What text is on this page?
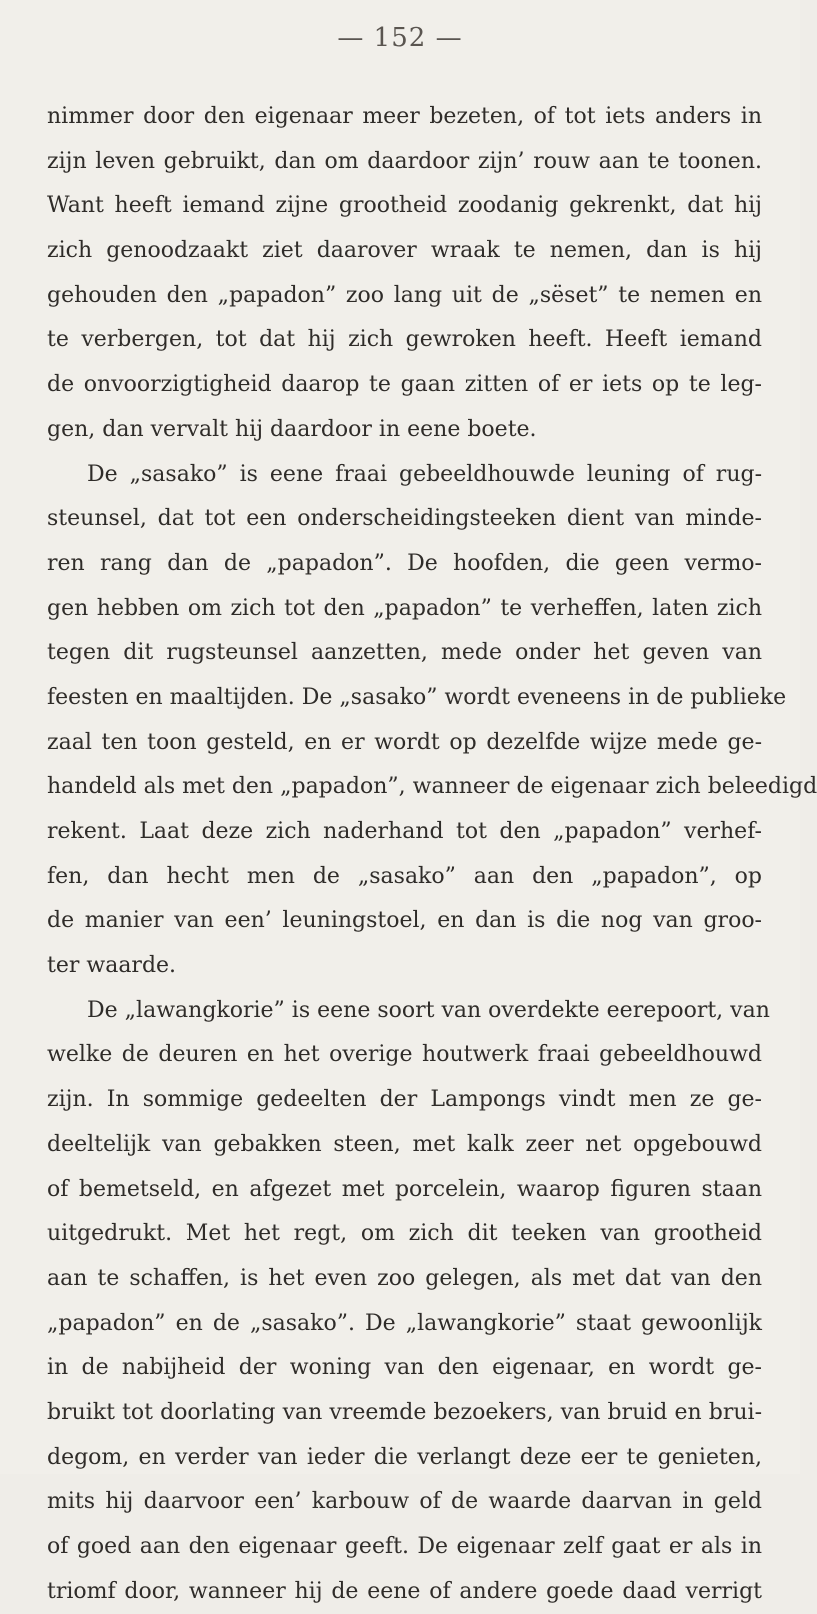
— 152 —
nimmer door den eigenaar meer bezeten, of tot iets anders in
zijn leven gebruikt, dan om daardoor zijn’ rouw aan te toonen.
Want heeft iemand zijne grootheid zoodanig gekrenkt, dat hij
zich genoodzaakt ziet daarover wraak te nemen, dan is hij
gehouden den „papadon” zoo lang uit de „sëset” te nemen en
te verbergen, tot dat hij zich gewroken heeft. Heeft iemand
de onvoorzigtigheid daarop te gaan zitten of er iets op te leg-
gen, dan vervalt hij daardoor in eene boete.
De „sasako” is eene fraai gebeeldhouwde leuning of rug-
steunsel, dat tot een onderscheidingsteeken dient van minde-
ren rang dan de „papadon”. De hoofden, die geen vermo-
gen hebben om zich tot den „papadon” te verheffen, laten zich
tegen dit rugsteunsel aanzetten, mede onder het geven van
feesten en maaltijden. De „sasako” wordt eveneens in de publieke
zaal ten toon gesteld, en er wordt op dezelfde wijze mede ge-
handeld als met den „papadon”, wanneer de eigenaar zich beleedigd
rekent. Laat deze zich naderhand tot den „papadon” verhef-
fen, dan hecht men de „sasako” aan den „papadon”, op
de manier van een’ leuningstoel, en dan is die nog van groo-
ter waarde.
De „lawangkorie” is eene soort van overdekte eerepoort, van
welke de deuren en het overige houtwerk fraai gebeeldhouwd
zijn. In sommige gedeelten der Lampongs vindt men ze ge-
deeltelijk van gebakken steen, met kalk zeer net opgebouwd
of bemetseld, en afgezet met porcelein, waarop figuren staan
uitgedrukt. Met het regt, om zich dit teeken van grootheid
aan te schaffen, is het even zoo gelegen, als met dat van den
„papadon” en de „sasako”. De „lawangkorie” staat gewoonlijk
in de nabijheid der woning van den eigenaar, en wordt ge-
bruikt tot doorlating van vreemde bezoekers, van bruid en brui-
degom, en verder van ieder die verlangt deze eer te genieten,
mits hij daarvoor een’ karbouw of de waarde daarvan in geld
of goed aan den eigenaar geeft. De eigenaar zelf gaat er als in
triomf door, wanneer hij de eene of andere goede daad verrigt
